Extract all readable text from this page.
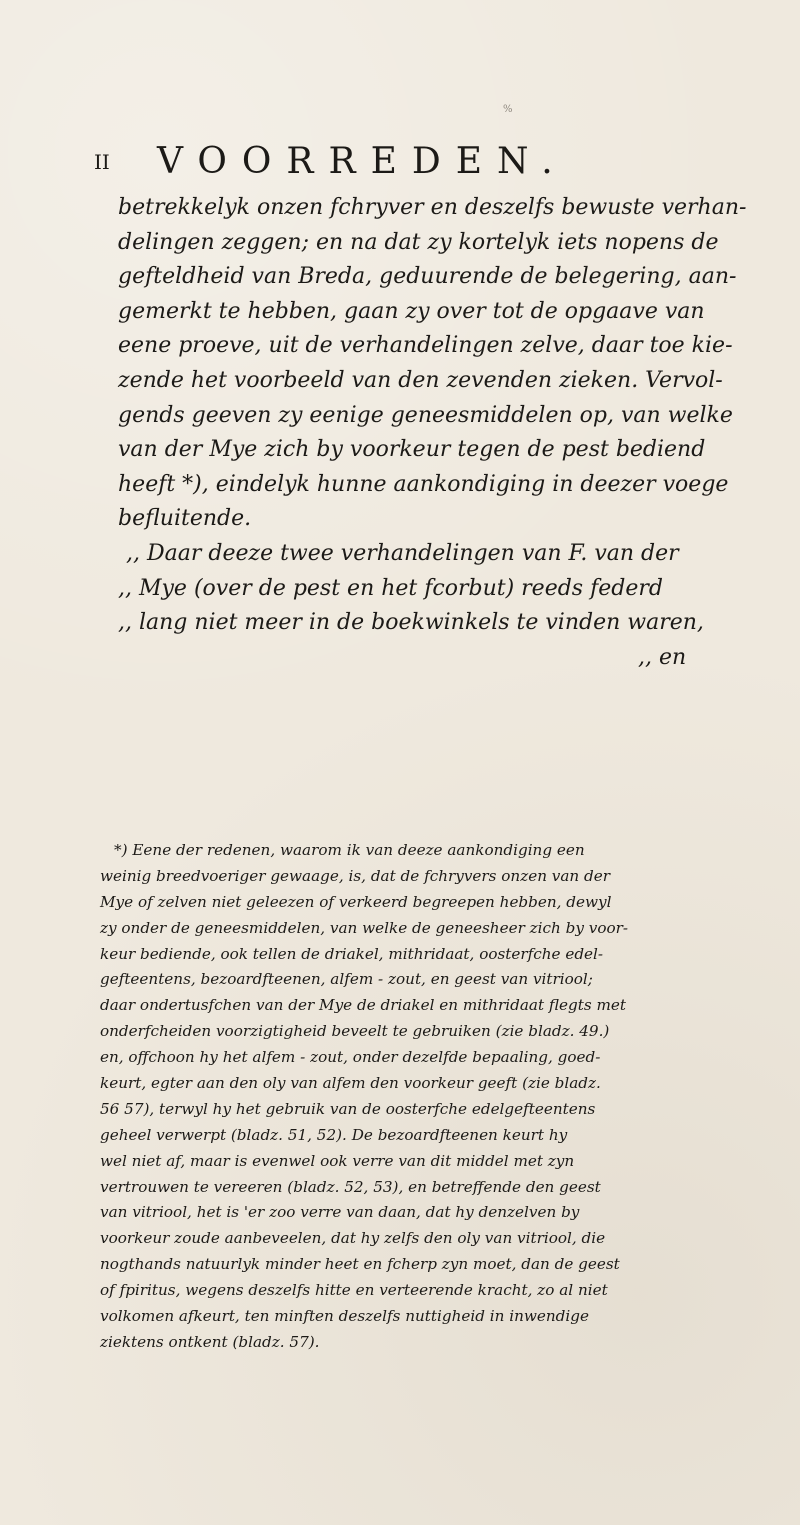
%
II VOORREDEN.
betrekkelyk onzen fchryver en deszelfs bewuste verhan-
delingen zeggen; en na dat zy kortelyk iets nopens de
gefteldheid van Breda, geduurende de belegering, aan-
gemerkt te hebben, gaan zy over tot de opgaave van
eene proeve, uit de verhandelingen zelve, daar toe kie-
zende het voorbeeld van den zevenden zieken. Vervol-
gends geeven zy eenige geneesmiddelen op, van welke
van der Mye zich by voorkeur tegen de pest bediend
heeft *), eindelyk hunne aankondiging in deezer voege
befluitende.
,, Daar deeze twee verhandelingen van F. van der
,, Mye (over de pest en het fcorbut) reeds federd
,, lang niet meer in de boekwinkels te vinden waren,
,, en
*) Eene der redenen, waarom ik van deeze aankondiging een
weinig breedvoeriger gewaage, is, dat de fchryvers onzen van der
Mye of zelven niet geleezen of verkeerd begreepen hebben, dewyl
zy onder de geneesmiddelen, van welke de geneesheer zich by voor-
keur bediende, ook tellen de driakel, mithridaat, oosterfche edel-
gefteentens, bezoardfteenen, alfem - zout, en geest van vitriool;
daar ondertusfchen van der Mye de driakel en mithridaat flegts met
onderfcheiden voorzigtigheid beveelt te gebruiken (zie bladz. 49.)
en, offchoon hy het alfem - zout, onder dezelfde bepaaling, goed-
keurt, egter aan den oly van alfem den voorkeur geeft (zie bladz.
56 57), terwyl hy het gebruik van de oosterfche edelgefteentens
geheel verwerpt (bladz. 51, 52). De bezoardfteenen keurt hy
wel niet af, maar is evenwel ook verre van dit middel met zyn
vertrouwen te vereeren (bladz. 52, 53), en betreffende den geest
van vitriool, het is 'er zoo verre van daan, dat hy denzelven by
voorkeur zoude aanbeveelen, dat hy zelfs den oly van vitriool, die
nogthands natuurlyk minder heet en fcherp zyn moet, dan de geest
of fpiritus, wegens deszelfs hitte en verteerende kracht, zo al niet
volkomen afkeurt, ten minften deszelfs nuttigheid in inwendige
ziektens ontkent (bladz. 57).
